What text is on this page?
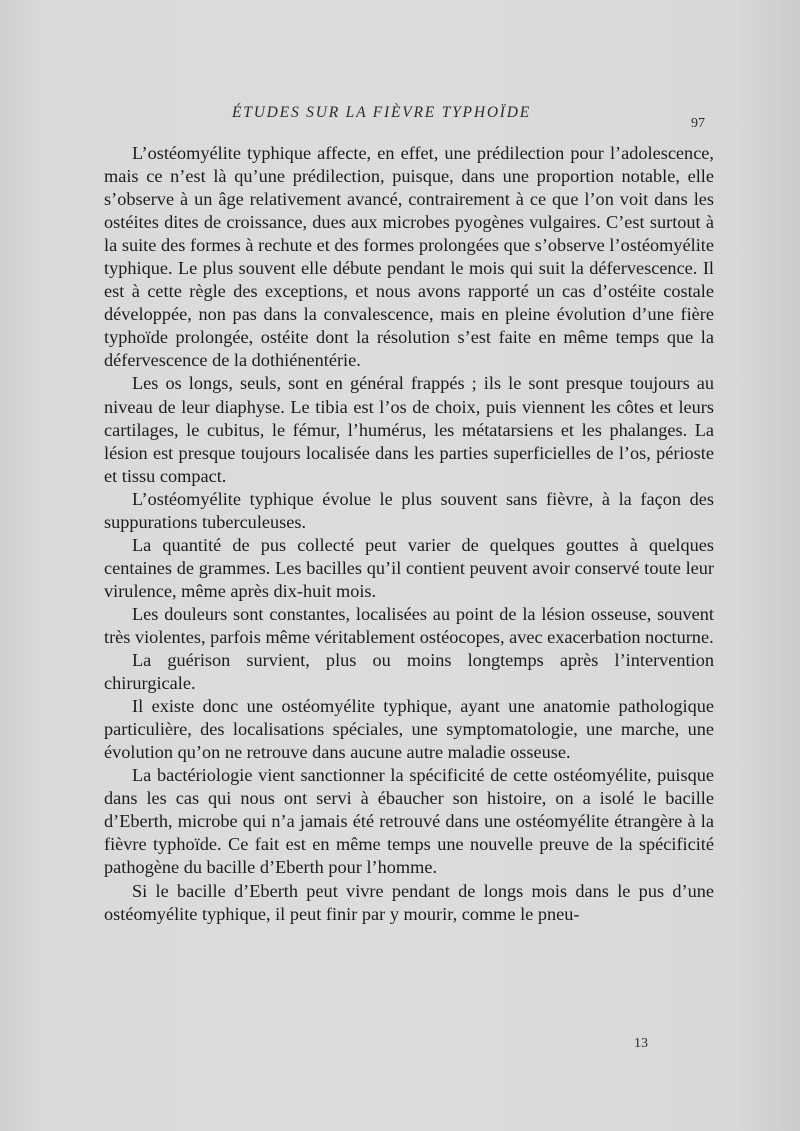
ÉTUDES SUR LA FIÈVRE TYPHOÏDE
97

L’ostéomyélite typhique affecte, en effet, une prédilection pour l’adolescence, mais ce n’est là qu’une prédilection, puisque, dans une proportion notable, elle s’observe à un âge relativement avancé, contrairement à ce que l’on voit dans les ostéites dites de croissance, dues aux microbes pyogènes vulgaires. C’est surtout à la suite des formes à rechute et des formes prolongées que s’observe l’ostéomyélite typhique. Le plus souvent elle débute pendant le mois qui suit la défervescence. Il est à cette règle des exceptions, et nous avons rapporté un cas d’ostéite costale développée, non pas dans la convalescence, mais en pleine évolution d’une fière typhoïde prolongée, ostéite dont la résolution s’est faite en même temps que la défervescence de la dothiénentérie.

Les os longs, seuls, sont en général frappés ; ils le sont presque toujours au niveau de leur diaphyse. Le tibia est l’os de choix, puis viennent les côtes et leurs cartilages, le cubitus, le fémur, l’humérus, les métatarsiens et les phalanges. La lésion est presque toujours localisée dans les parties superficielles de l’os, périoste et tissu compact.

L’ostéomyélite typhique évolue le plus souvent sans fièvre, à la façon des suppurations tuberculeuses.

La quantité de pus collecté peut varier de quelques gouttes à quelques centaines de grammes. Les bacilles qu’il contient peuvent avoir conservé toute leur virulence, même après dix-huit mois.

Les douleurs sont constantes, localisées au point de la lésion osseuse, souvent très violentes, parfois même véritablement ostéocopes, avec exacerbation nocturne.

La guérison survient, plus ou moins longtemps après l’intervention chirurgicale.

Il existe donc une ostéomyélite typhique, ayant une anatomie pathologique particulière, des localisations spéciales, une symptomatologie, une marche, une évolution qu’on ne retrouve dans aucune autre maladie osseuse.

La bactériologie vient sanctionner la spécificité de cette ostéomyélite, puisque dans les cas qui nous ont servi à ébaucher son histoire, on a isolé le bacille d’Eberth, microbe qui n’a jamais été retrouvé dans une ostéomyélite étrangère à la fièvre typhoïde. Ce fait est en même temps une nouvelle preuve de la spécificité pathogène du bacille d’Eberth pour l’homme.

Si le bacille d’Eberth peut vivre pendant de longs mois dans le pus d’une ostéomyélite typhique, il peut finir par y mourir, comme le pneu-

13
